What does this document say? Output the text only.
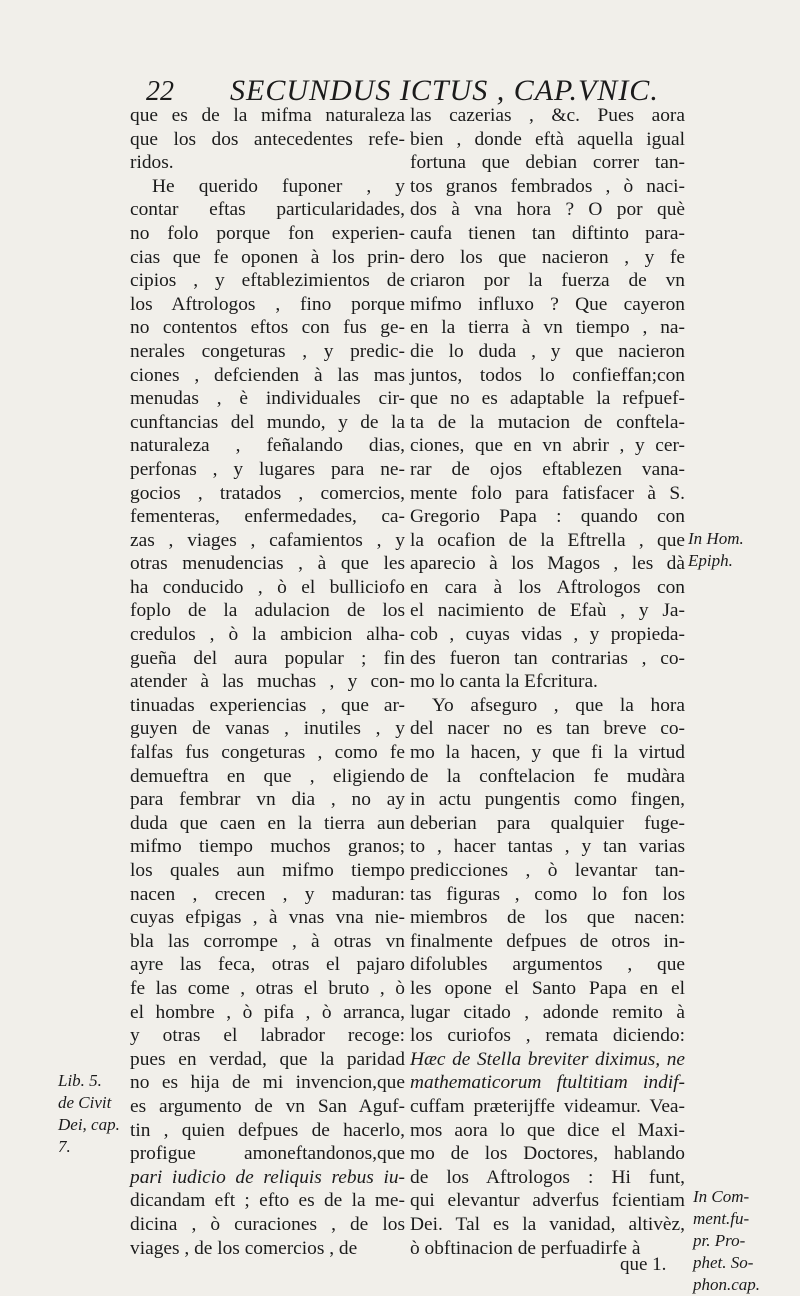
22 SECUNDUS ICTUS , CAP.VNIC.
que es de la mifma naturaleza
que los dos antecedentes refe-
ridos.
He querido fuponer , y
contar eftas particularidades,
no folo porque fon experien-
cias que fe oponen à los prin-
cipios , y eftablezimientos de
los Aftrologos , fino porque
no contentos eftos con fus ge-
nerales congeturas , y predic-
ciones , defcienden à las mas
menudas , è individuales cir-
cunftancias del mundo, y de la
naturaleza , feñalando dias,
perfonas , y lugares para ne-
gocios , tratados , comercios,
fementeras, enfermedades, ca-
zas , viages , cafamientos , y
otras menudencias , à que les
ha conducido , ò el bulliciofo
foplo de la adulacion de los
credulos , ò la ambicion alha-
gueña del aura popular ; fin
atender à las muchas , y con-
tinuadas experiencias , que ar-
guyen de vanas , inutiles , y
falfas fus congeturas , como fe
demueftra en que , eligiendo
para fembrar vn dia , no ay
duda que caen en la tierra aun
mifmo tiempo muchos granos;
los quales aun mifmo tiempo
nacen , crecen , y maduran:
cuyas efpigas , à vnas vna nie-
bla las corrompe , à otras vn
ayre las feca, otras el pajaro
fe las come , otras el bruto , ò
el hombre , ò pifa , ò arranca,
y otras el labrador recoge:
pues en verdad, que la paridad
no es hija de mi invencion,que
es argumento de vn San Aguf-
tin , quien defpues de hacerlo,
profigue amoneftandonos,que
pari iudicio de reliquis rebus iu-
dicandam eft ; efto es de la me-
dicina , ò curaciones , de los
viages , de los comercios , de
las cazerias , &c. Pues aora
bien , donde eftà aquella igual
fortuna que debian correr tan-
tos granos fembrados , ò naci-
dos à vna hora ? O por què
caufa tienen tan diftinto para-
dero los que nacieron , y fe
criaron por la fuerza de vn
mifmo influxo ? Que cayeron
en la tierra à vn tiempo , na-
die lo duda , y que nacieron
juntos, todos lo confieffan;con
que no es adaptable la refpuef-
ta de la mutacion de conftela-
ciones, que en vn abrir , y cer-
rar de ojos eftablezen vana-
mente folo para fatisfacer à S.
Gregorio Papa : quando con
la ocafion de la Eftrella , que
aparecio à los Magos , les dà
en cara à los Aftrologos con
el nacimiento de Efaù , y Ja-
cob , cuyas vidas , y propieda-
des fueron tan contrarias , co-
mo lo canta la Efcritura.
Yo afseguro , que la hora
del nacer no es tan breve co-
mo la hacen, y que fi la virtud
de la conftelacion fe mudàra
in actu pungentis como fingen,
deberian para qualquier fuge-
to , hacer tantas , y tan varias
predicciones , ò levantar tan-
tas figuras , como lo fon los
miembros de los que nacen:
finalmente defpues de otros in-
difolubles argumentos , que
les opone el Santo Papa en el
lugar citado , adonde remito à
los curiofos , remata diciendo:
Hæc de Stella breviter diximus, ne
mathematicorum ftultitiam indif-
cuffam præterijffe videamur. Vea-
mos aora lo que dice el Maxi-
mo de los Doctores, hablando
de los Aftrologos : Hi funt,
qui elevantur adverfus fcientiam
Dei. Tal es la vanidad, altivèz,
ò obftinacion de perfuadirfe à
In Hom.
Epiph.
In Com-
ment.fu-
pr. Pro-
phet. So-
phon.cap.
Lib. 5.
de Civit
Dei, cap.
7.
que 1.
